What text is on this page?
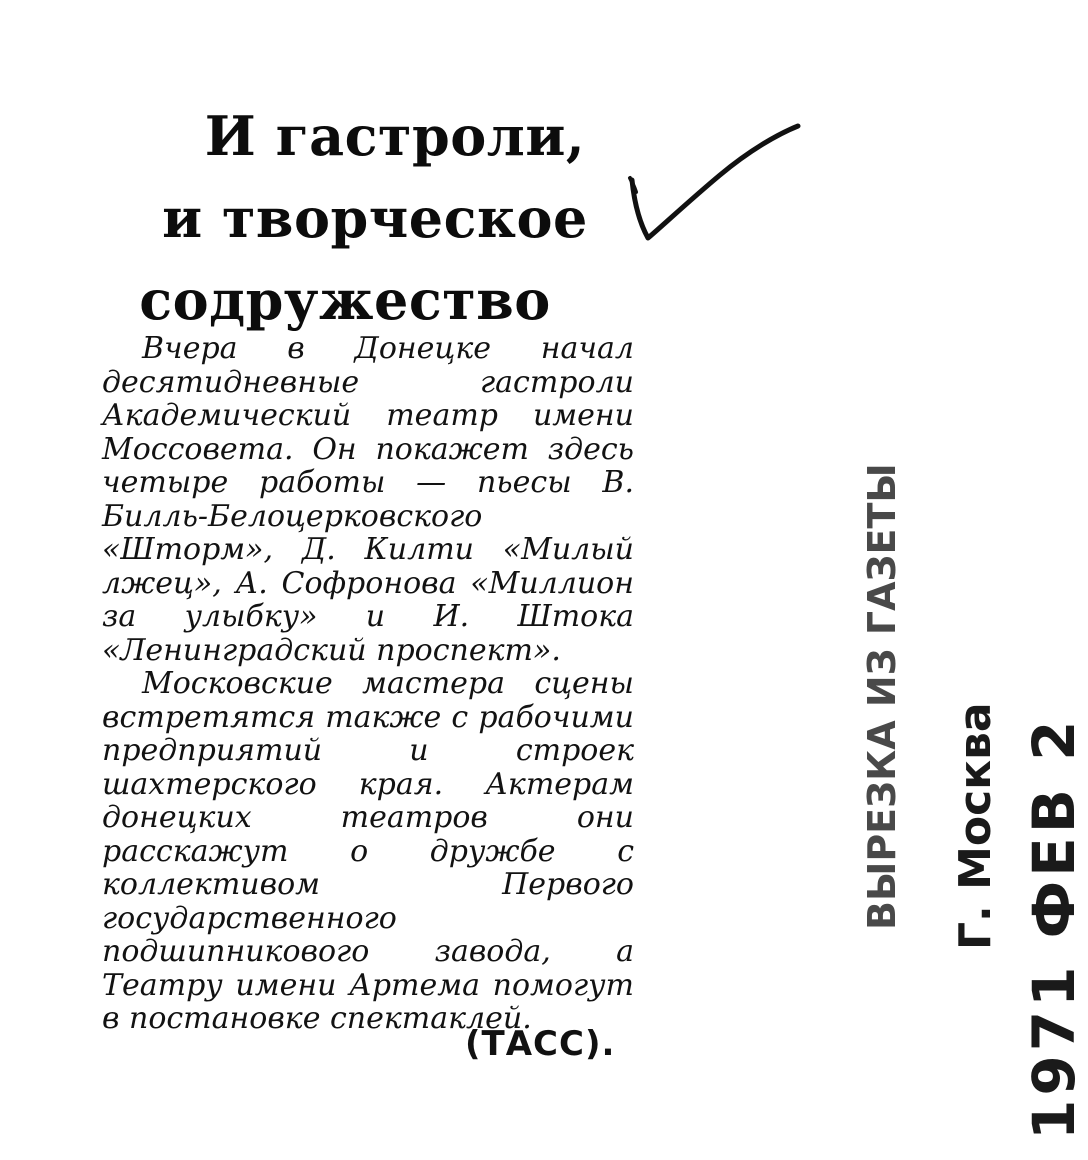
И гастроли,
и творческое
содружество

Вчера в Донецке начал десятидневные гастроли Академический театр имени Моссовета. Он покажет здесь четыре работы — пьесы В. Билль-Белоцерковского «Шторм», Д. Килти «Милый лжец», А. Софронова «Миллион за улыбку» и И. Штока «Ленинградский проспект».

Московские мастера сцены встретятся также с рабочими предприятий и строек шахтерского края. Актерам донецких театров они расскажут о дружбе с коллективом Первого государственного подшипникового завода, а Театру имени Артема помогут в постановке спектаклей.

(ТАСС).
ВЫРЕЗКА ИЗ ГАЗЕТЫ Г. Москва 1971 ФЕВ 2
